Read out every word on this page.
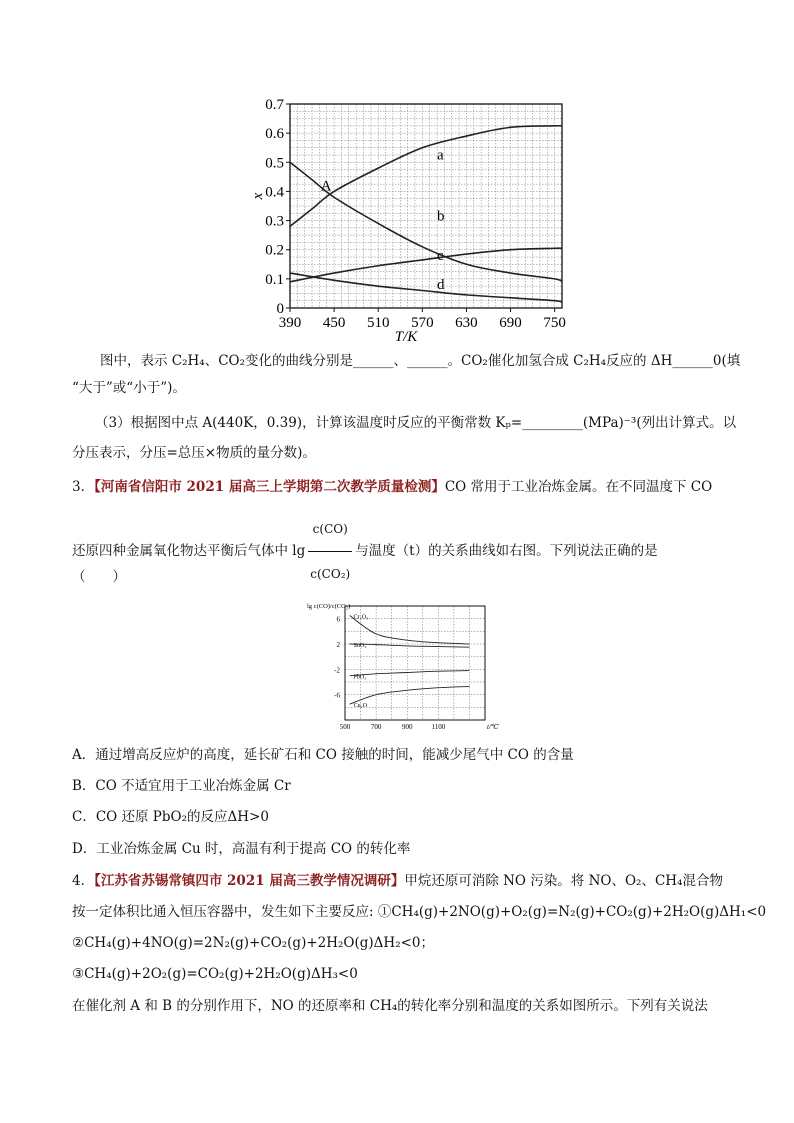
0
0.1
0.2
0.3
0.4
0.5
0.6
0.7
390 450 510 570 630 690 750
T/K
x
a
b
c
d
A
图中，表示 C₂H₄、CO₂变化的曲线分别是______、______。CO₂催化加氢合成 C₂H₄反应的 ΔH______0(填
“大于”或“小于”)。
（3）根据图中点 A(440K，0.39)，计算该温度时反应的平衡常数 Kₚ=_________(MPa)⁻³(列出计算式。以
分压表示，分压=总压×物质的量分数)。
3．【河南省信阳市 2021 届高三上学期第二次教学质量检测】CO 常用于工业冶炼金属。在不同温度下 CO
还原四种金属氧化物达平衡后气体中 $\lg \frac{c(CO)}{\text{c(CO₂)}}$ 与温度（t）的关系曲线如右图。下列说法正确的是
（　　）
6
2
-2
-6
500	700	900	1100	t/℃
lg c(CO)/c(CO₂)
Cr₂O₃
SnO₂
PbO₂
Cu₂O
A．通过增高反应炉的高度，延长矿石和 CO 接触的时间，能减少尾气中 CO 的含量
B．CO 不适宜用于工业冶炼金属 Cr
C．CO 还原 PbO₂的反应ΔH>0
D．工业冶炼金属 Cu 时，高温有利于提高 CO 的转化率
4．【江苏省苏锡常镇四市 2021 届高三教学情况调研】甲烷还原可消除 NO 污染。将 NO、O₂、CH₄混合物
按一定体积比通入恒压容器中，发生如下主要反应: ①CH₄(g)+2NO(g)+O₂(g)=N₂(g)+CO₂(g)+2H₂O(g)ΔH₁<0
②CH₄(g)+4NO(g)=2N₂(g)+CO₂(g)+2H₂O(g)ΔH₂<0；
③CH₄(g)+2O₂(g)=CO₂(g)+2H₂O(g)ΔH₃<0
在催化剂 A 和 B 的分别作用下，NO 的还原率和 CH₄的转化率分别和温度的关系如图所示。下列有关说法
